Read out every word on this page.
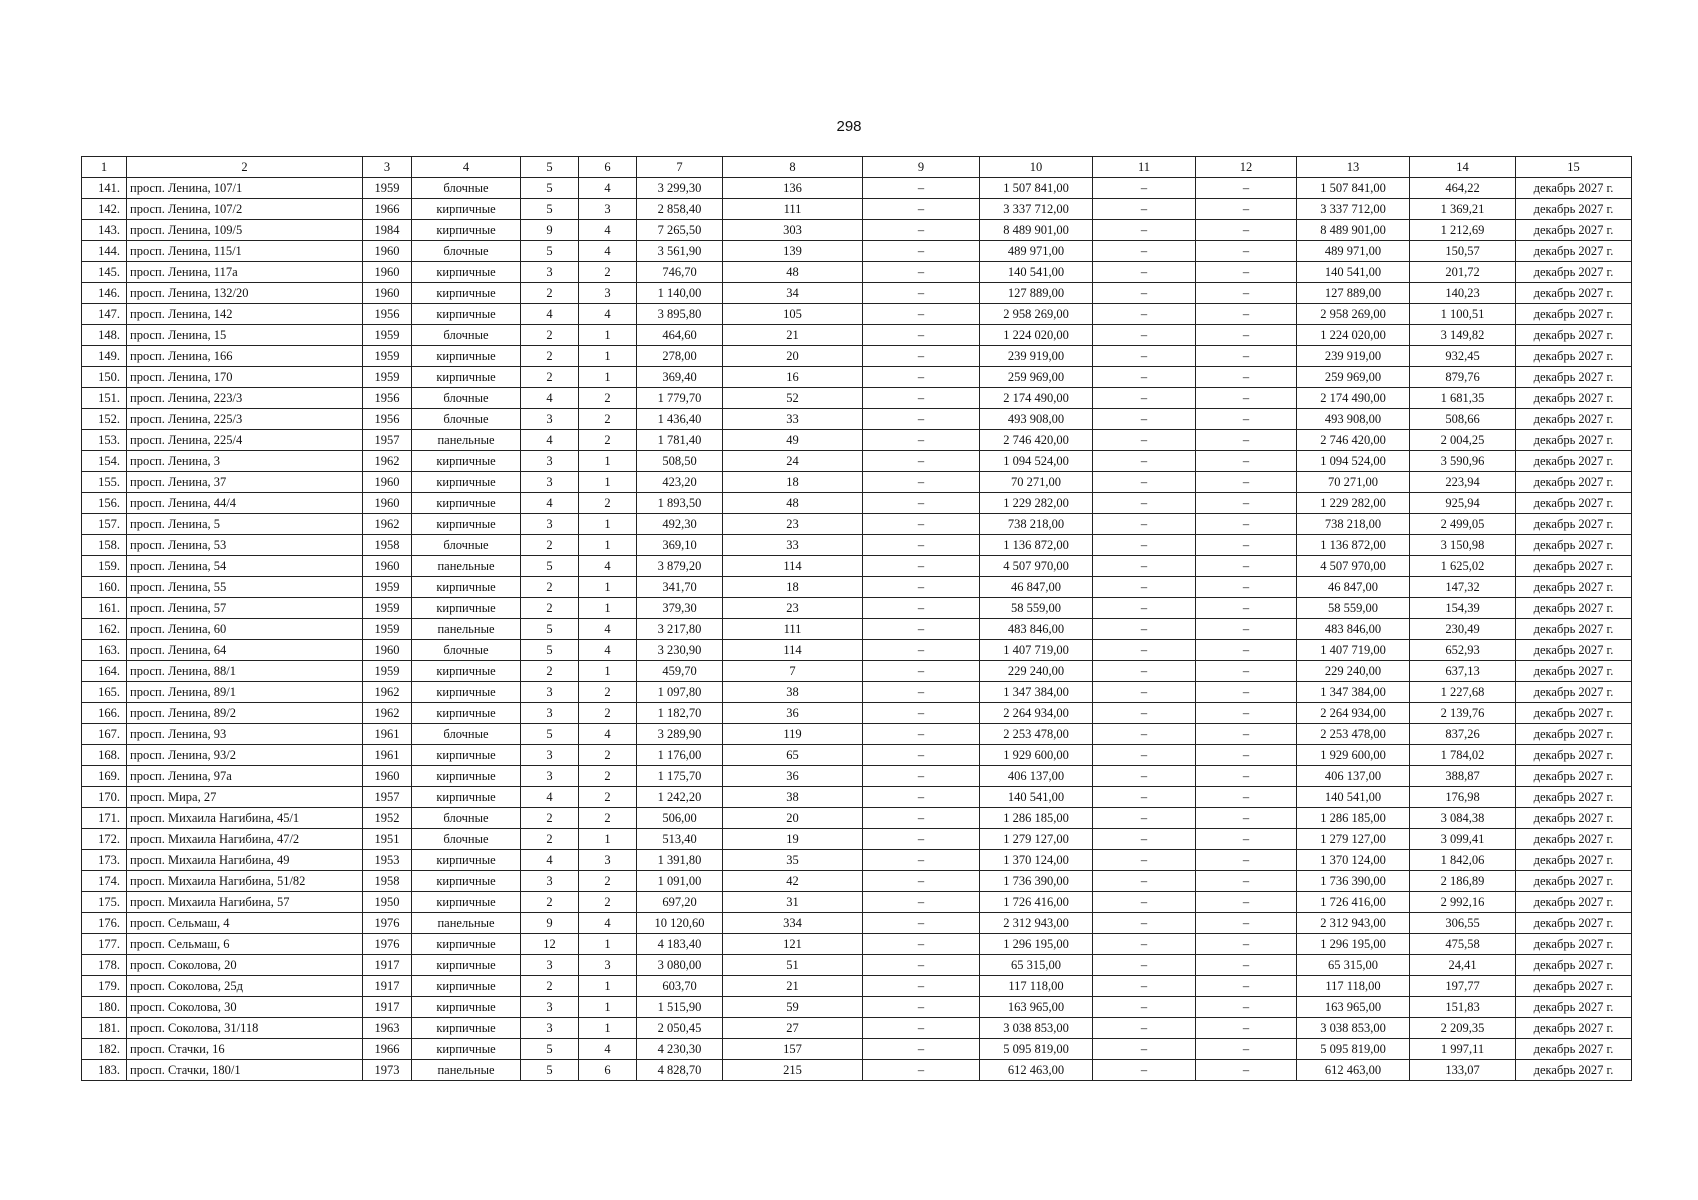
298
1	2	3	4	5	6	7	8	9	10	11	12	13	14	15
141.	просп. Ленина, 107/1	1959	блочные	5	4	3 299,30	136	–	1 507 841,00	–	–	1 507 841,00	464,22	декабрь 2027 г.
142.	просп. Ленина, 107/2	1966	кирпичные	5	3	2 858,40	111	–	3 337 712,00	–	–	3 337 712,00	1 369,21	декабрь 2027 г.
143.	просп. Ленина, 109/5	1984	кирпичные	9	4	7 265,50	303	–	8 489 901,00	–	–	8 489 901,00	1 212,69	декабрь 2027 г.
144.	просп. Ленина, 115/1	1960	блочные	5	4	3 561,90	139	–	489 971,00	–	–	489 971,00	150,57	декабрь 2027 г.
145.	просп. Ленина, 117а	1960	кирпичные	3	2	746,70	48	–	140 541,00	–	–	140 541,00	201,72	декабрь 2027 г.
146.	просп. Ленина, 132/20	1960	кирпичные	2	3	1 140,00	34	–	127 889,00	–	–	127 889,00	140,23	декабрь 2027 г.
147.	просп. Ленина, 142	1956	кирпичные	4	4	3 895,80	105	–	2 958 269,00	–	–	2 958 269,00	1 100,51	декабрь 2027 г.
148.	просп. Ленина, 15	1959	блочные	2	1	464,60	21	–	1 224 020,00	–	–	1 224 020,00	3 149,82	декабрь 2027 г.
149.	просп. Ленина, 166	1959	кирпичные	2	1	278,00	20	–	239 919,00	–	–	239 919,00	932,45	декабрь 2027 г.
150.	просп. Ленина, 170	1959	кирпичные	2	1	369,40	16	–	259 969,00	–	–	259 969,00	879,76	декабрь 2027 г.
151.	просп. Ленина, 223/3	1956	блочные	4	2	1 779,70	52	–	2 174 490,00	–	–	2 174 490,00	1 681,35	декабрь 2027 г.
152.	просп. Ленина, 225/3	1956	блочные	3	2	1 436,40	33	–	493 908,00	–	–	493 908,00	508,66	декабрь 2027 г.
153.	просп. Ленина, 225/4	1957	панельные	4	2	1 781,40	49	–	2 746 420,00	–	–	2 746 420,00	2 004,25	декабрь 2027 г.
154.	просп. Ленина, 3	1962	кирпичные	3	1	508,50	24	–	1 094 524,00	–	–	1 094 524,00	3 590,96	декабрь 2027 г.
155.	просп. Ленина, 37	1960	кирпичные	3	1	423,20	18	–	70 271,00	–	–	70 271,00	223,94	декабрь 2027 г.
156.	просп. Ленина, 44/4	1960	кирпичные	4	2	1 893,50	48	–	1 229 282,00	–	–	1 229 282,00	925,94	декабрь 2027 г.
157.	просп. Ленина, 5	1962	кирпичные	3	1	492,30	23	–	738 218,00	–	–	738 218,00	2 499,05	декабрь 2027 г.
158.	просп. Ленина, 53	1958	блочные	2	1	369,10	33	–	1 136 872,00	–	–	1 136 872,00	3 150,98	декабрь 2027 г.
159.	просп. Ленина, 54	1960	панельные	5	4	3 879,20	114	–	4 507 970,00	–	–	4 507 970,00	1 625,02	декабрь 2027 г.
160.	просп. Ленина, 55	1959	кирпичные	2	1	341,70	18	–	46 847,00	–	–	46 847,00	147,32	декабрь 2027 г.
161.	просп. Ленина, 57	1959	кирпичные	2	1	379,30	23	–	58 559,00	–	–	58 559,00	154,39	декабрь 2027 г.
162.	просп. Ленина, 60	1959	панельные	5	4	3 217,80	111	–	483 846,00	–	–	483 846,00	230,49	декабрь 2027 г.
163.	просп. Ленина, 64	1960	блочные	5	4	3 230,90	114	–	1 407 719,00	–	–	1 407 719,00	652,93	декабрь 2027 г.
164.	просп. Ленина, 88/1	1959	кирпичные	2	1	459,70	7	–	229 240,00	–	–	229 240,00	637,13	декабрь 2027 г.
165.	просп. Ленина, 89/1	1962	кирпичные	3	2	1 097,80	38	–	1 347 384,00	–	–	1 347 384,00	1 227,68	декабрь 2027 г.
166.	просп. Ленина, 89/2	1962	кирпичные	3	2	1 182,70	36	–	2 264 934,00	–	–	2 264 934,00	2 139,76	декабрь 2027 г.
167.	просп. Ленина, 93	1961	блочные	5	4	3 289,90	119	–	2 253 478,00	–	–	2 253 478,00	837,26	декабрь 2027 г.
168.	просп. Ленина, 93/2	1961	кирпичные	3	2	1 176,00	65	–	1 929 600,00	–	–	1 929 600,00	1 784,02	декабрь 2027 г.
169.	просп. Ленина, 97а	1960	кирпичные	3	2	1 175,70	36	–	406 137,00	–	–	406 137,00	388,87	декабрь 2027 г.
170.	просп. Мира, 27	1957	кирпичные	4	2	1 242,20	38	–	140 541,00	–	–	140 541,00	176,98	декабрь 2027 г.
171.	просп. Михаила Нагибина, 45/1	1952	блочные	2	2	506,00	20	–	1 286 185,00	–	–	1 286 185,00	3 084,38	декабрь 2027 г.
172.	просп. Михаила Нагибина, 47/2	1951	блочные	2	1	513,40	19	–	1 279 127,00	–	–	1 279 127,00	3 099,41	декабрь 2027 г.
173.	просп. Михаила Нагибина, 49	1953	кирпичные	4	3	1 391,80	35	–	1 370 124,00	–	–	1 370 124,00	1 842,06	декабрь 2027 г.
174.	просп. Михаила Нагибина, 51/82	1958	кирпичные	3	2	1 091,00	42	–	1 736 390,00	–	–	1 736 390,00	2 186,89	декабрь 2027 г.
175.	просп. Михаила Нагибина, 57	1950	кирпичные	2	2	697,20	31	–	1 726 416,00	–	–	1 726 416,00	2 992,16	декабрь 2027 г.
176.	просп. Сельмаш, 4	1976	панельные	9	4	10 120,60	334	–	2 312 943,00	–	–	2 312 943,00	306,55	декабрь 2027 г.
177.	просп. Сельмаш, 6	1976	кирпичные	12	1	4 183,40	121	–	1 296 195,00	–	–	1 296 195,00	475,58	декабрь 2027 г.
178.	просп. Соколова, 20	1917	кирпичные	3	3	3 080,00	51	–	65 315,00	–	–	65 315,00	24,41	декабрь 2027 г.
179.	просп. Соколова, 25д	1917	кирпичные	2	1	603,70	21	–	117 118,00	–	–	117 118,00	197,77	декабрь 2027 г.
180.	просп. Соколова, 30	1917	кирпичные	3	1	1 515,90	59	–	163 965,00	–	–	163 965,00	151,83	декабрь 2027 г.
181.	просп. Соколова, 31/118	1963	кирпичные	3	1	2 050,45	27	–	3 038 853,00	–	–	3 038 853,00	2 209,35	декабрь 2027 г.
182.	просп. Стачки, 16	1966	кирпичные	5	4	4 230,30	157	–	5 095 819,00	–	–	5 095 819,00	1 997,11	декабрь 2027 г.
183.	просп. Стачки, 180/1	1973	панельные	5	6	4 828,70	215	–	612 463,00	–	–	612 463,00	133,07	декабрь 2027 г.
